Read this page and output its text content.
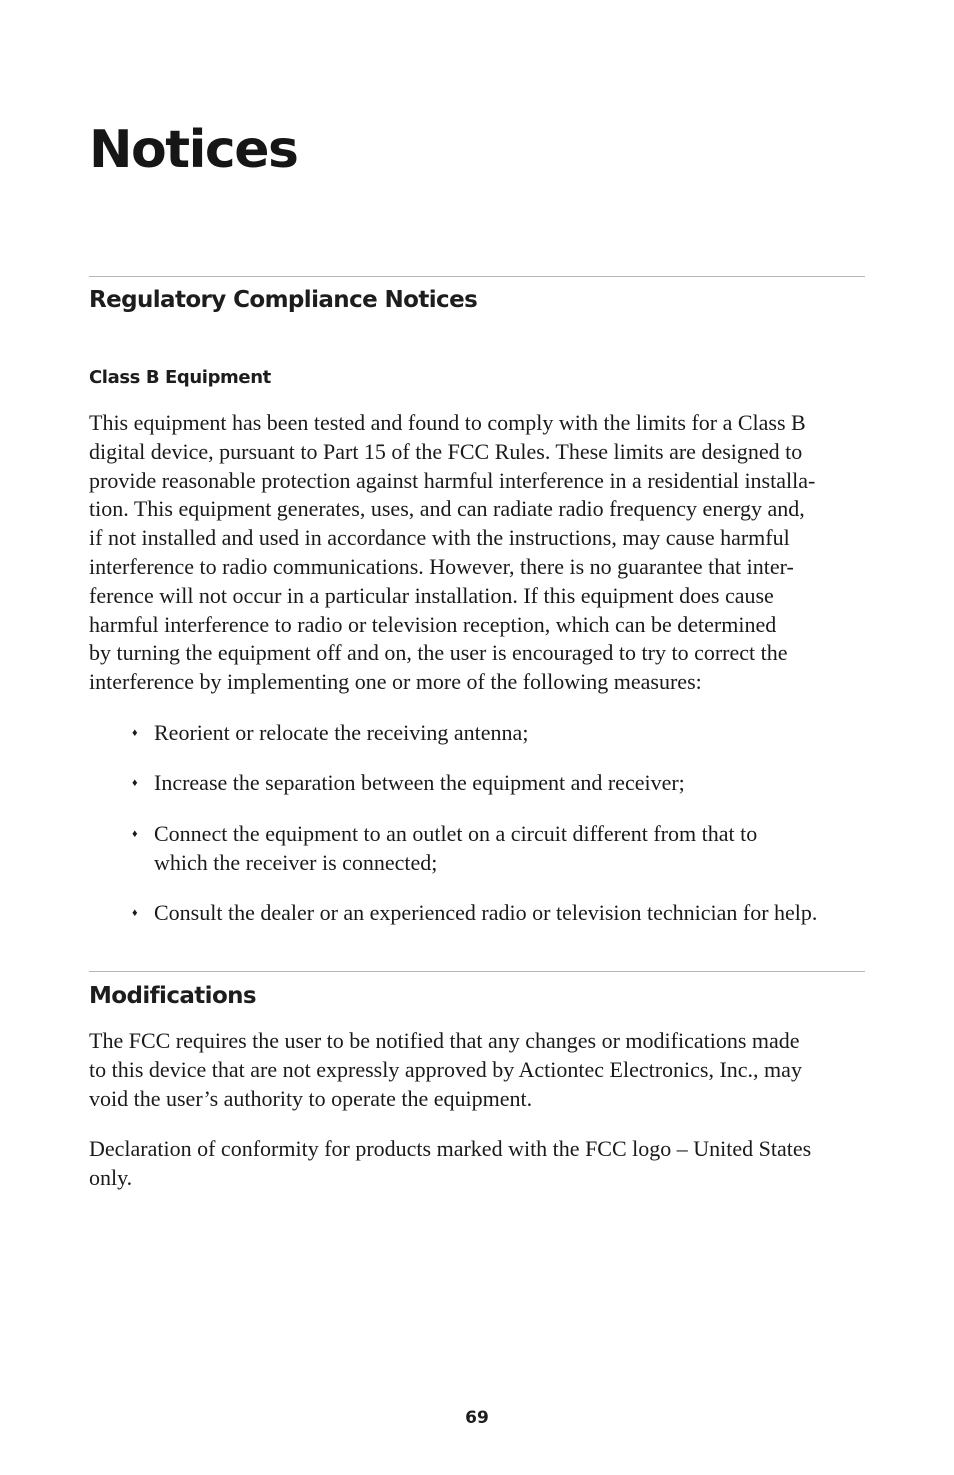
Notices
Regulatory Compliance Notices
Class B Equipment

This equipment has been tested and found to comply with the limits for a Class B
digital device, pursuant to Part 15 of the FCC Rules. These limits are designed to
provide reasonable protection against harmful interference in a residential installa-
tion. This equipment generates, uses, and can radiate radio frequency energy and,
if not installed and used in accordance with the instructions, may cause harmful
interference to radio communications. However, there is no guarantee that inter-
ference will not occur in a particular installation. If this equipment does cause
harmful interference to radio or television reception, which can be determined
by turning the equipment off and on, the user is encouraged to try to correct the
interference by implementing one or more of the following measures:

♦ Reorient or relocate the receiving antenna;
♦ Increase the separation between the equipment and receiver;
♦ Connect the equipment to an outlet on a circuit different from that to
which the receiver is connected;
♦ Consult the dealer or an experienced radio or television technician for help.
Modifications

The FCC requires the user to be notified that any changes or modifications made
to this device that are not expressly approved by Actiontec Electronics, Inc., may
void the user’s authority to operate the equipment.

Declaration of conformity for products marked with the FCC logo – United States
only.

69
